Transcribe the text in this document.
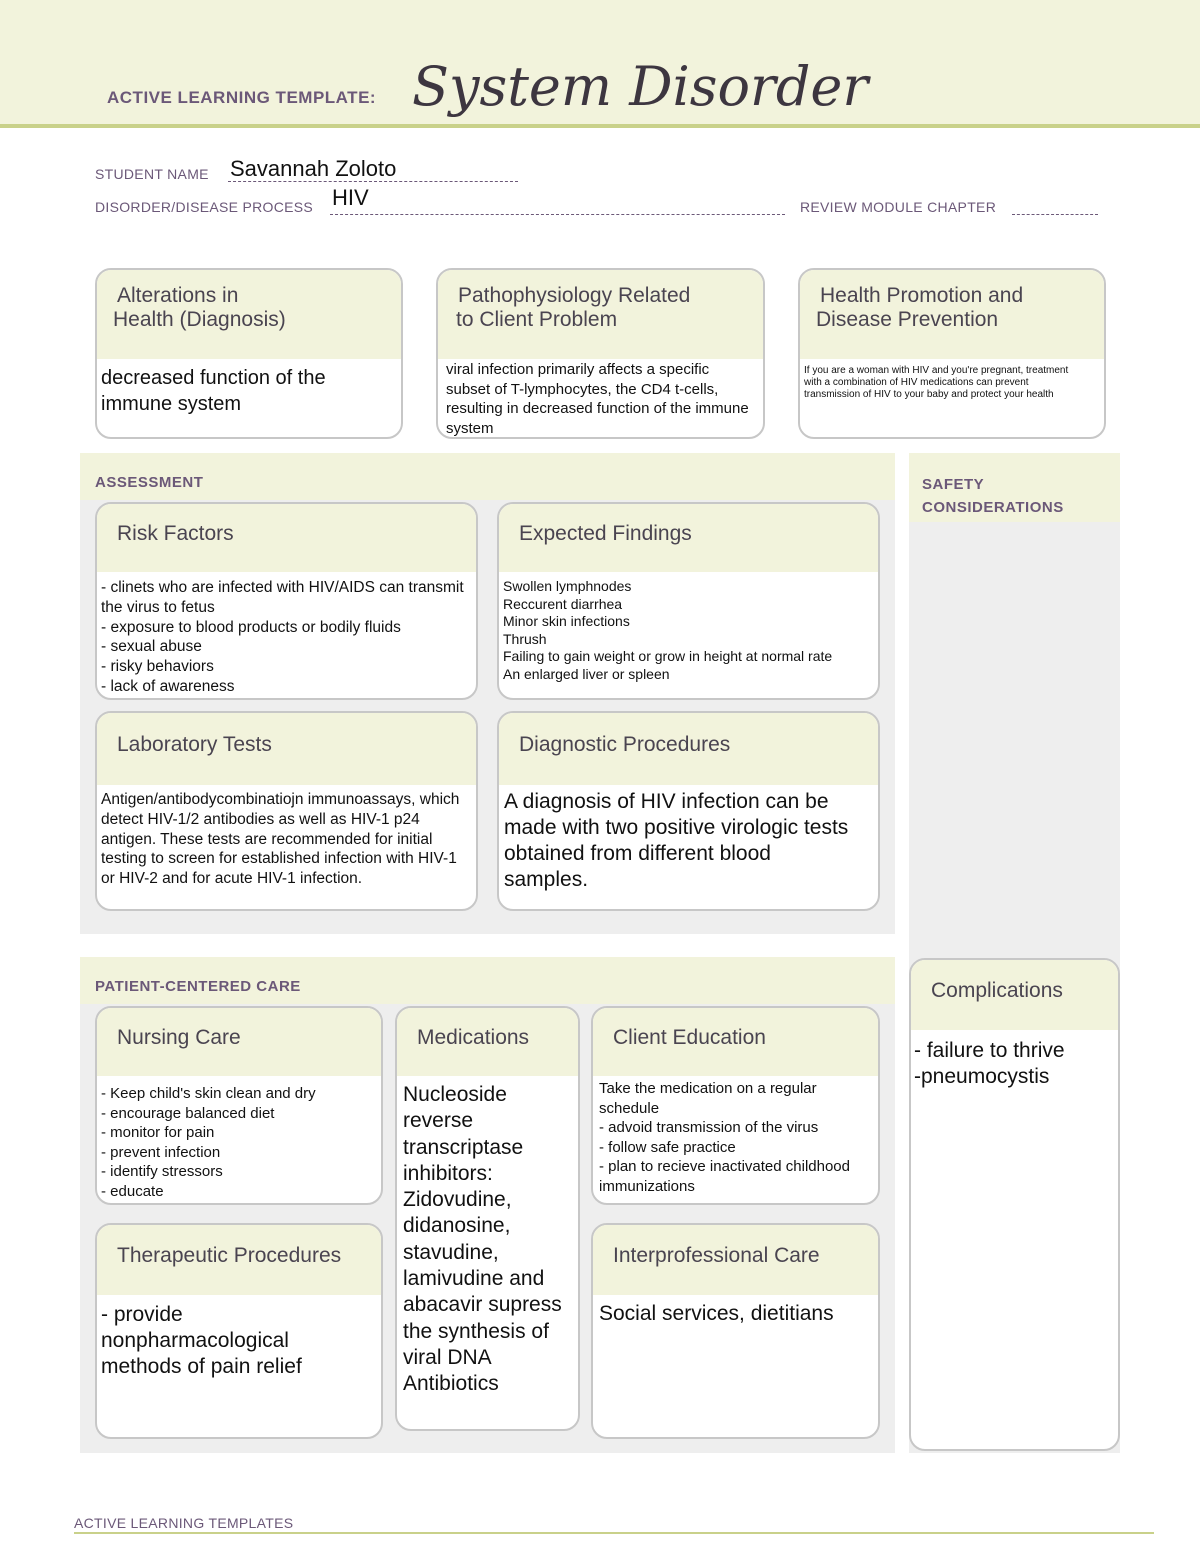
ACTIVE LEARNING TEMPLATE: System Disorder
STUDENT NAME Savannah Zoloto
DISORDER/DISEASE PROCESS HIV	REVIEW MODULE CHAPTER
Alterations in
Health (Diagnosis)
decreased function of the immune system
Pathophysiology Related
to Client Problem
viral infection primarily affects a specific subset of T-lymphocytes, the CD4 t-cells, resulting in decreased function of the immune system
Health Promotion and
Disease Prevention
If you are a woman with HIV and you're pregnant, treatment with a combination of HIV medications can prevent transmission of HIV to your baby and protect your health
ASSESSMENT
Risk Factors
- clinets who are infected with HIV/AIDS can transmit the virus to fetus
- exposure to blood products or bodily fluids
- sexual abuse
- risky behaviors
- lack of awareness
Expected Findings
Swollen lymphnodes
Reccurent diarrhea
Minor skin infections
Thrush
Failing to gain weight or grow in height at normal rate
An enlarged liver or spleen
Laboratory Tests
Antigen/antibodycombinatiojn immunoassays, which detect HIV-1/2 antibodies as well as HIV-1 p24 antigen. These tests are recommended for initial testing to screen for established infection with HIV-1 or HIV-2 and for acute HIV-1 infection.
Diagnostic Procedures
A diagnosis of HIV infection can be made with two positive virologic tests obtained from different blood samples.
SAFETY
CONSIDERATIONS
PATIENT-CENTERED CARE
Nursing Care
- Keep child's skin clean and dry
- encourage balanced diet
- monitor for pain
- prevent infection
- identify stressors
- educate
Medications
Nucleoside reverse transcriptase inhibitors: Zidovudine, didanosine, stavudine, lamivudine and abacavir supress the synthesis of viral DNA
Antibiotics
Client Education
Take the medication on a regular schedule
- advoid transmission of the virus
- follow safe practice
- plan to recieve inactivated childhood immunizations
Therapeutic Procedures
- provide nonpharmacological methods of pain relief
Interprofessional Care
Social services, dietitians
Complications
- failure to thrive
-pneumocystis
ACTIVE LEARNING TEMPLATES
